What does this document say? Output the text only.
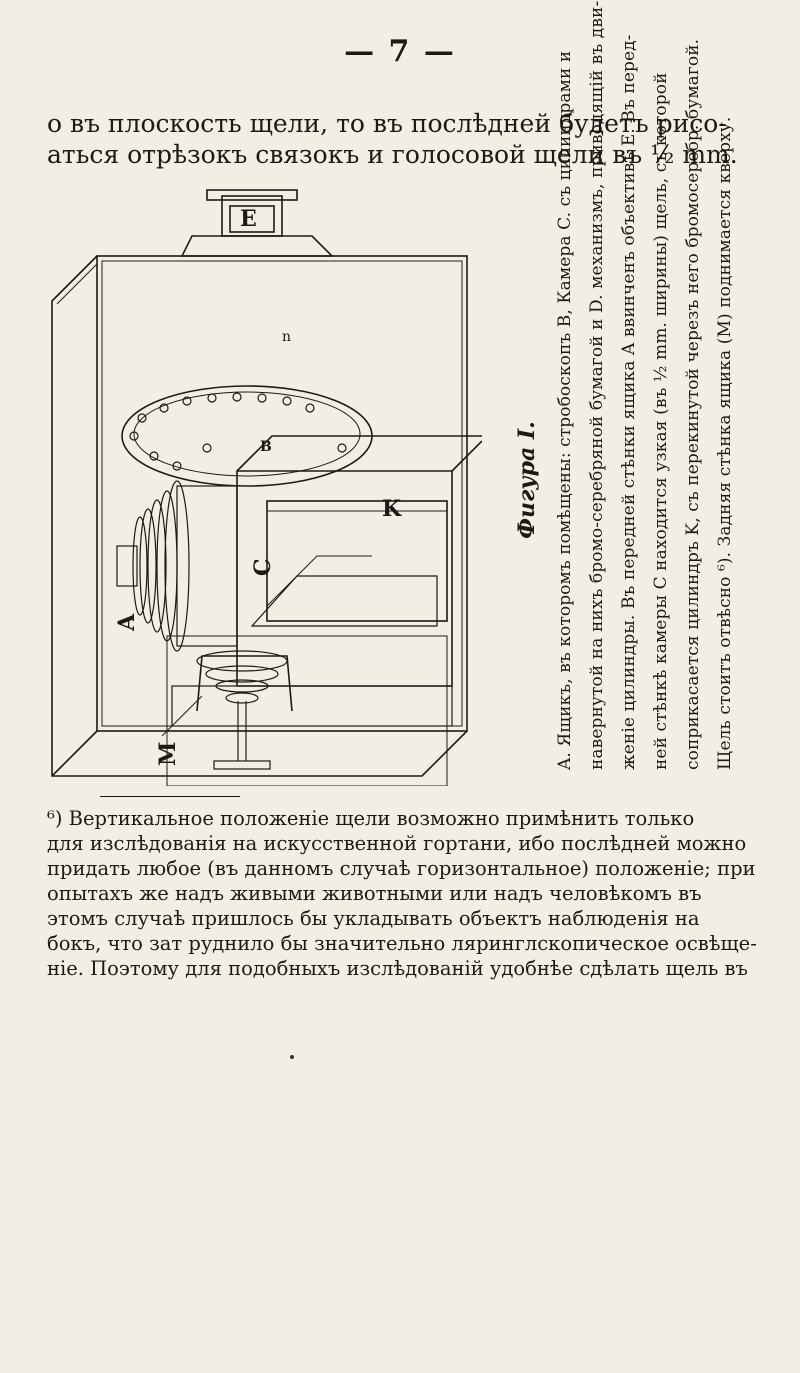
— 7 —

о въ плоскость щели, то въ послѣдней будетъ рисо-
аться отрѣзокъ связокъ и голосовой щели въ ½ mm.

E
A
K
C
M
n
B	Фигура I. A. Ящикъ, въ которомъ помѣщены: стробоскопъ B, Камера C. съ цилиндрами и навернутой на нихъ бромо-серебряной бумагой и D. механизмъ, приводящій въ дви- женіе цилиндры. Въ передней стѣнки ящика A ввинченъ объективъ E. Въ перед- ней стѣнкѣ камеры C находится узкая (въ ½ mm. ширины) щель, съ которой соприкасается цилиндръ K, съ перекинутой черезъ него бромосеребр. бумагой. Щель стоитъ отвѣсно ⁶). Задняя стѣнка ящика (M) поднимается кверху.

⁶) Вертикальное положеніе щели возможно примѣнить только
для изслѣдованія на искусственной гортани, ибо послѣдней можно
придать любое (въ данномъ случаѣ горизонтальное) положеніе; при
опытахъ же надъ живыми животными или надъ человѣкомъ въ
этомъ случаѣ пришлось бы укладывать объектъ наблюденія на
бокъ, что зат руднило бы значительно ляринглскопическое освѣще-
ніе. Поэтому для подобныхъ изслѣдованій удобнѣе сдѣлать щель въ
